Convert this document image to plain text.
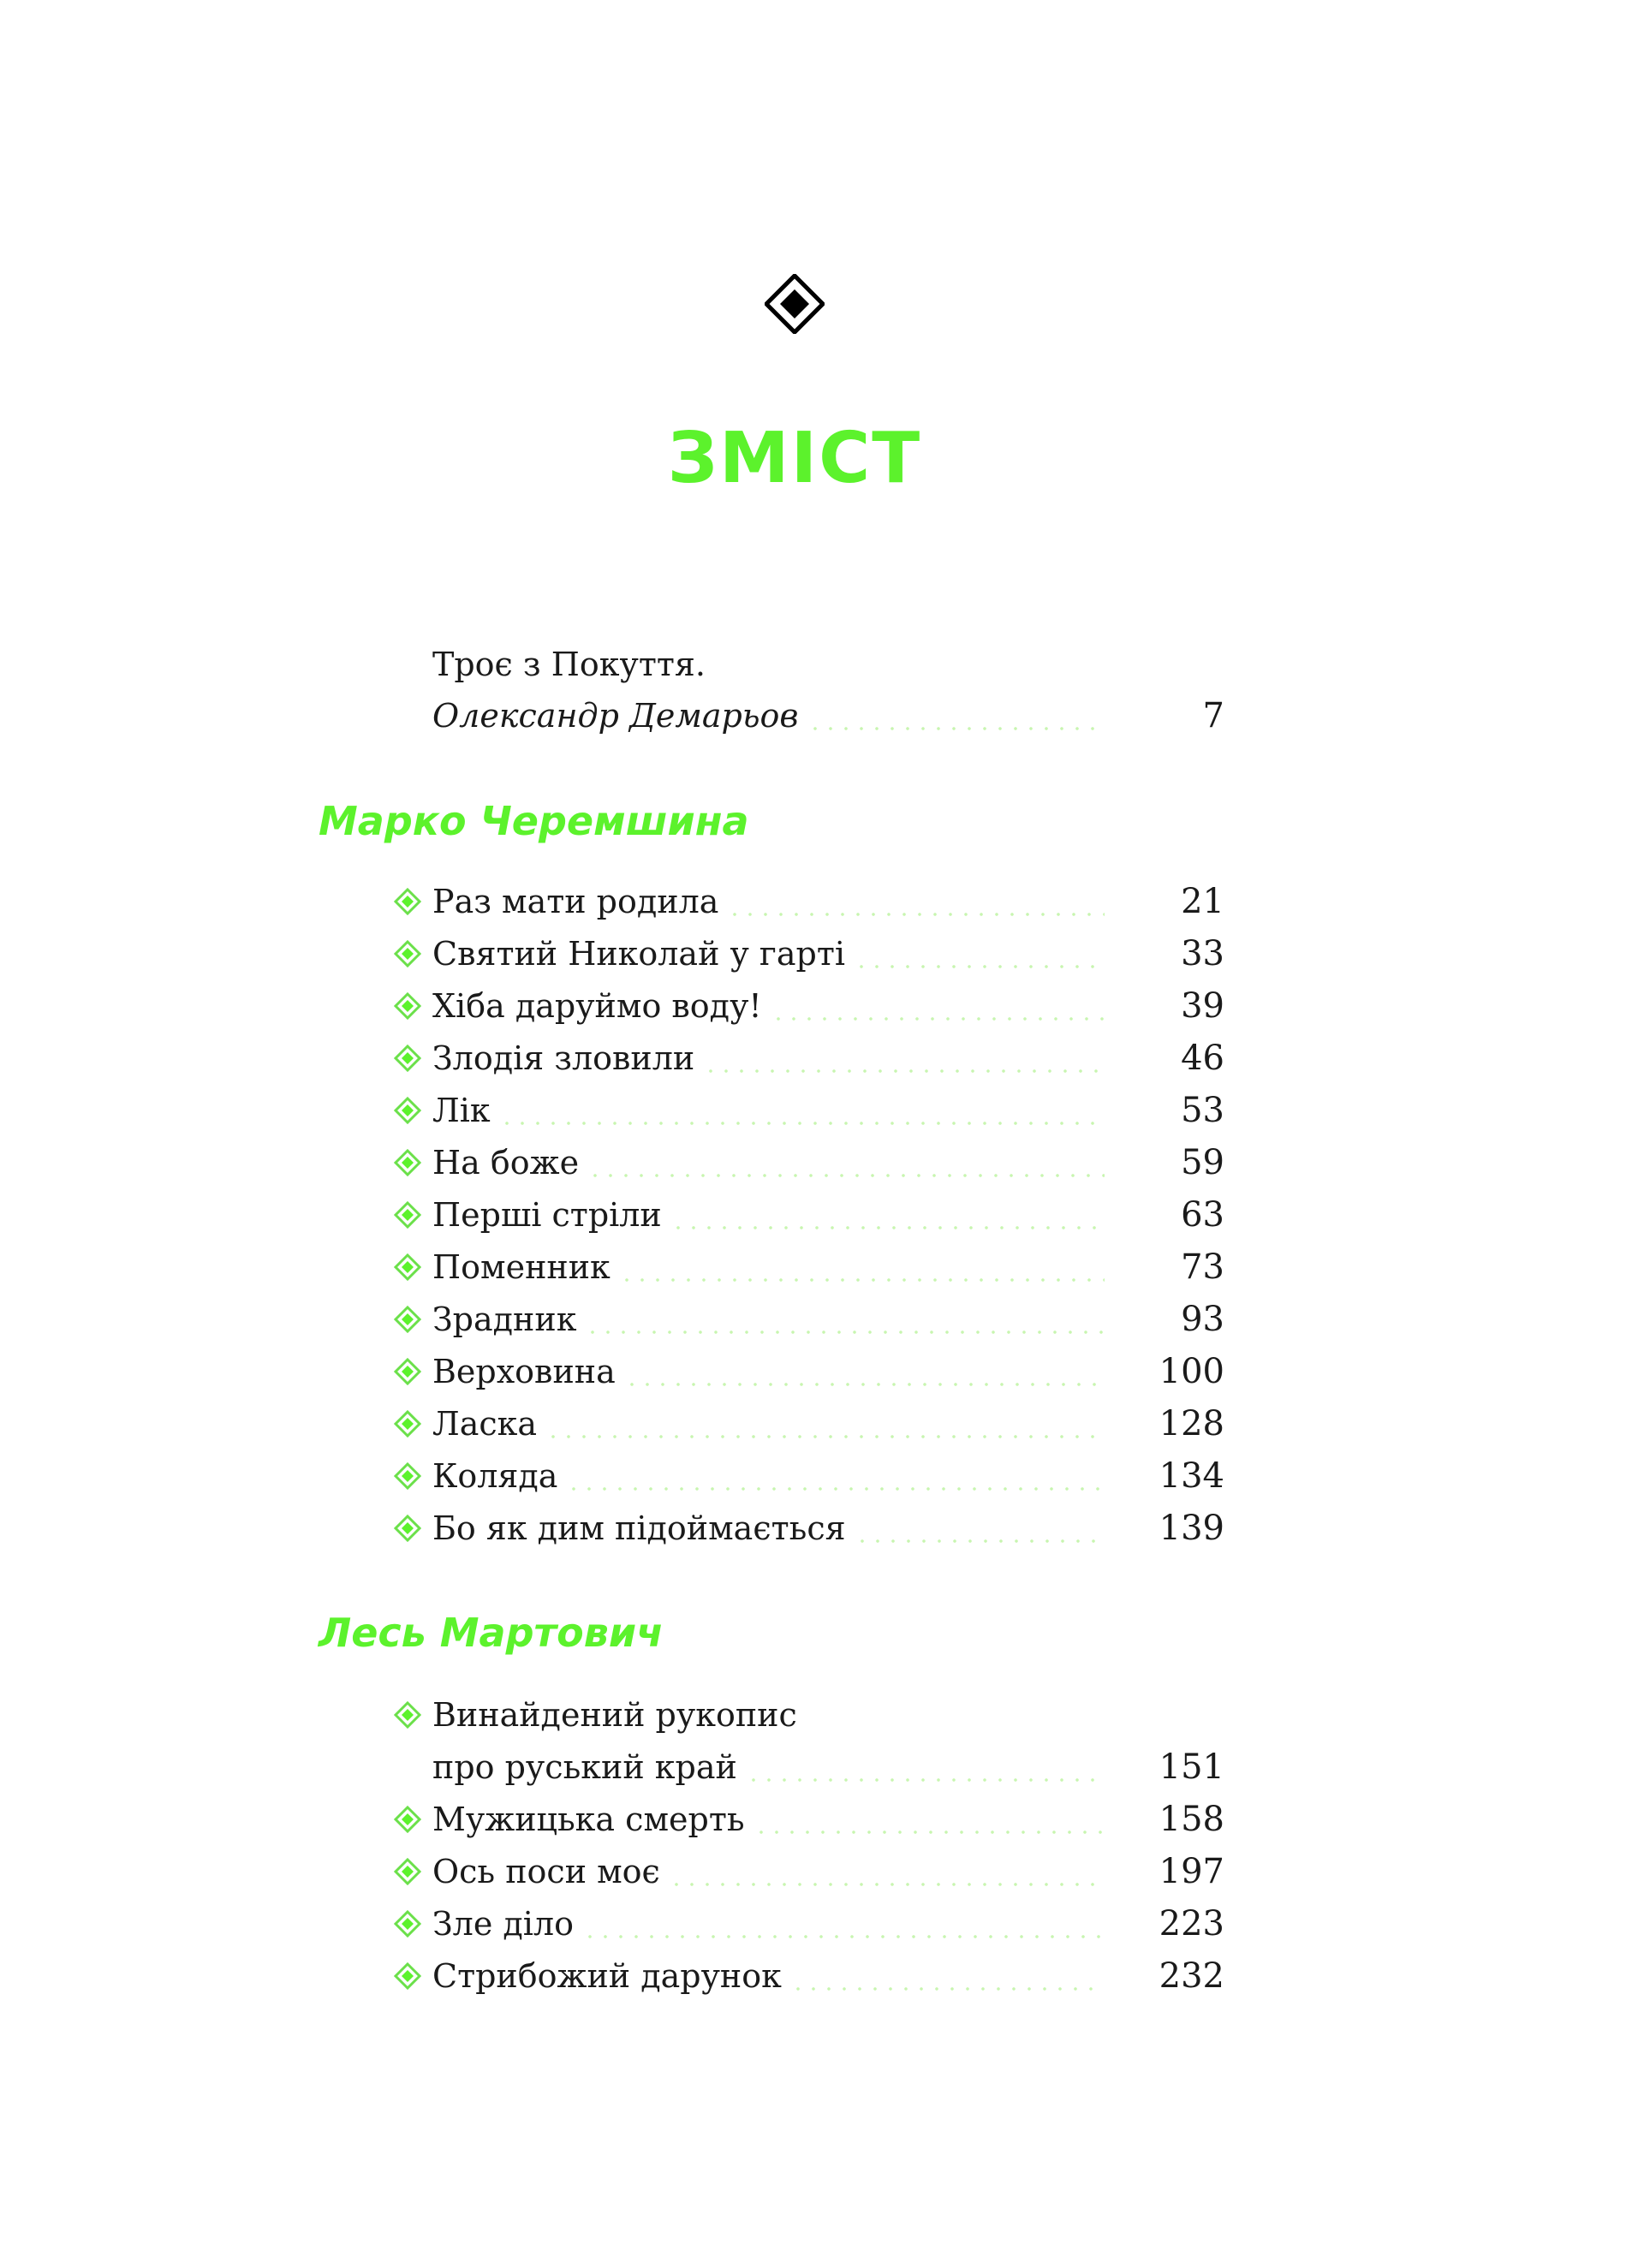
ЗМІСТ
Троє з Покуття.
Олександр Демарьов	7
Марко Черемшина
Раз мати родила	21
Святий Николай у гарті	33
Хіба даруймо воду!	39
Злодія зловили	46
Лік	53
На боже	59
Перші стріли	63
Поменник	73
Зрадник	93
Верховина	100
Ласка	128
Коляда	134
Бо як дим підоймається	139
Лесь Мартович
Винайдений рукопис
про руський край	151
Мужицька смерть	158
Ось поси моє	197
Зле діло	223
Стрибожий дарунок	232
